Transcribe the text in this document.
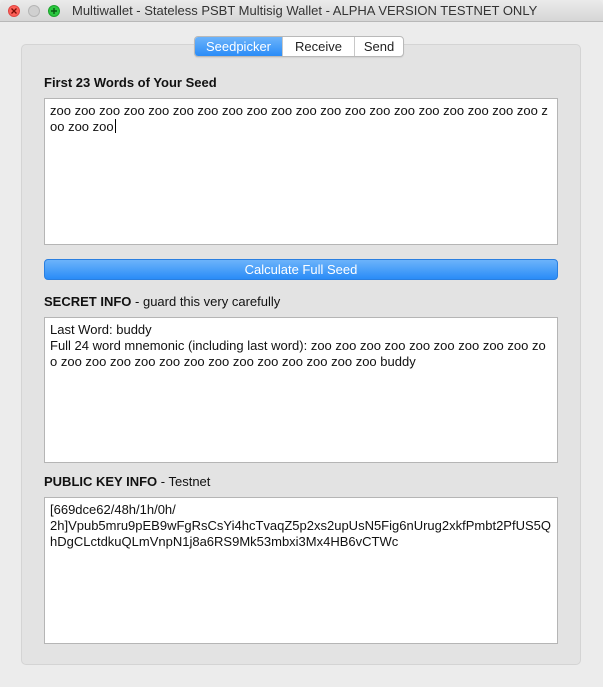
Multiwallet - Stateless PSBT Multisig Wallet - ALPHA VERSION TESTNET ONLY
Seedpicker	Receive	Send
First 23 Words of Your Seed
zoo zoo zoo zoo zoo zoo zoo zoo zoo zoo zoo zoo zoo zoo zoo zoo zoo zoo zoo zoo zoo zoo zoo
Calculate Full Seed
SECRET INFO - guard this very carefully
Last Word: buddy
Full 24 word mnemonic (including last word): zoo zoo zoo zoo zoo zoo zoo zoo zoo zoo zoo zoo zoo zoo zoo zoo zoo zoo zoo zoo zoo zoo zoo buddy
PUBLIC KEY INFO - Testnet
[669dce62/48h/1h/0h/
2h]Vpub5mru9pEB9wFgRsCsYi4hcTvaqZ5p2xs2upUsN5Fig6nUrug2xkfPmbt2PfUS5QhDgCLctdkuQLmVnpN1j8a6RS9Mk53mbxi3Mx4HB6vCTWc
